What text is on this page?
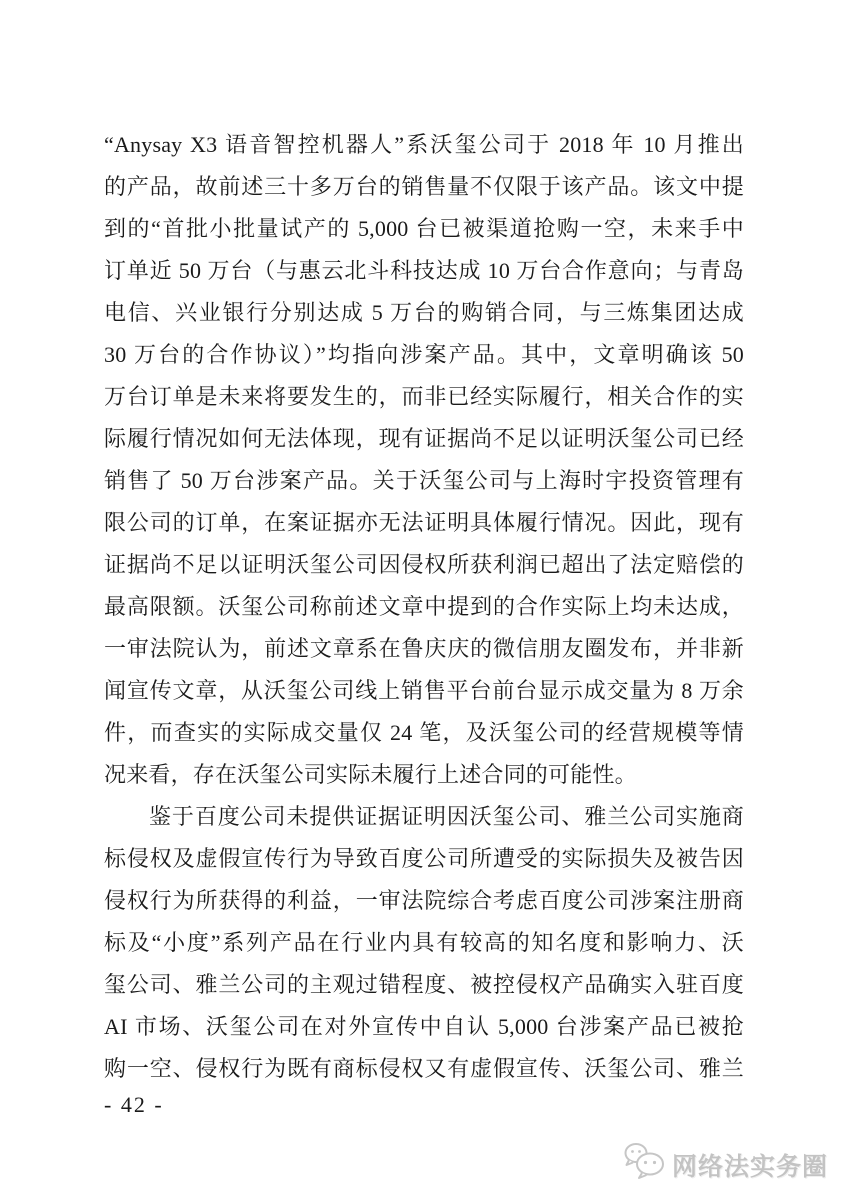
“Anysay X3 语音智控机器人”系沃玺公司于 2018 年 10 月推出
的产品，故前述三十多万台的销售量不仅限于该产品。该文中提
到的“首批小批量试产的 5,000 台已被渠道抢购一空，未来手中
订单近 50 万台（与惠云北斗科技达成 10 万台合作意向；与青岛
电信、兴业银行分别达成 5 万台的购销合同，与三炼集团达成
30 万台的合作协议）”均指向涉案产品。其中，文章明确该 50
万台订单是未来将要发生的，而非已经实际履行，相关合作的实
际履行情况如何无法体现，现有证据尚不足以证明沃玺公司已经
销售了 50 万台涉案产品。关于沃玺公司与上海时宇投资管理有
限公司的订单，在案证据亦无法证明具体履行情况。因此，现有
证据尚不足以证明沃玺公司因侵权所获利润已超出了法定赔偿的
最高限额。沃玺公司称前述文章中提到的合作实际上均未达成，
一审法院认为，前述文章系在鲁庆庆的微信朋友圈发布，并非新
闻宣传文章，从沃玺公司线上销售平台前台显示成交量为 8 万余
件，而查实的实际成交量仅 24 笔，及沃玺公司的经营规模等情
况来看，存在沃玺公司实际未履行上述合同的可能性。
鉴于百度公司未提供证据证明因沃玺公司、雅兰公司实施商
标侵权及虚假宣传行为导致百度公司所遭受的实际损失及被告因
侵权行为所获得的利益，一审法院综合考虑百度公司涉案注册商
标及“小度”系列产品在行业内具有较高的知名度和影响力、沃
玺公司、雅兰公司的主观过错程度、被控侵权产品确实入驻百度
AI 市场、沃玺公司在对外宣传中自认 5,000 台涉案产品已被抢
购一空、侵权行为既有商标侵权又有虚假宣传、沃玺公司、雅兰
- 42 -
网络法实务圈
